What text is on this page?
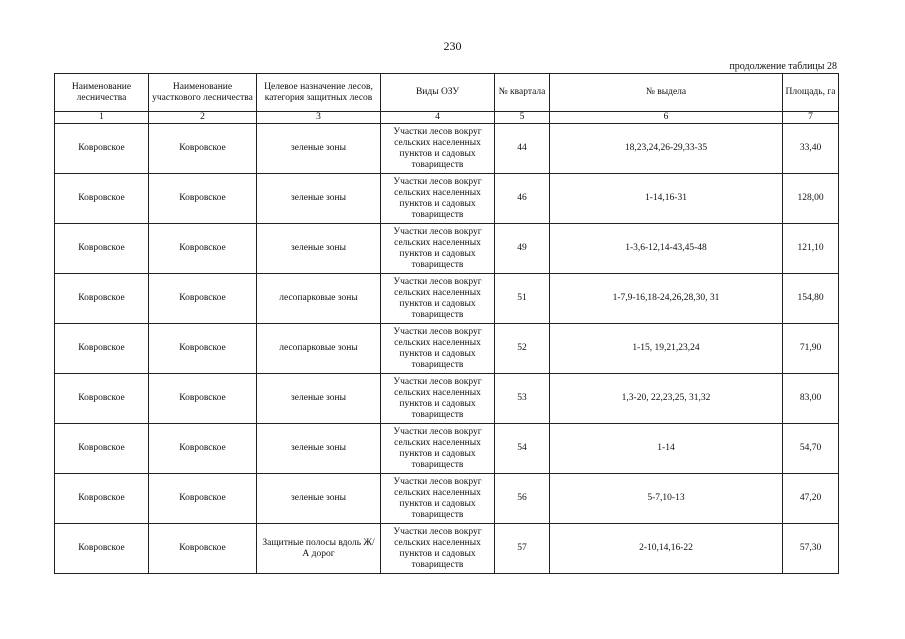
230
продолжение таблицы 28
Наименование лесничества	Наименование участкового лесничества	Целевое назначение лесов, категория защитных лесов	Виды ОЗУ	№ квартала	№ выдела	Площадь, га
1	2	3	4	5	6	7
Ковровское	Ковровское	зеленые зоны	Участки лесов вокруг сельских населенных пунктов и садовых товариществ	44	18,23,24,26-29,33-35	33,40
Ковровское	Ковровское	зеленые зоны	Участки лесов вокруг сельских населенных пунктов и садовых товариществ	46	1-14,16-31	128,00
Ковровское	Ковровское	зеленые зоны	Участки лесов вокруг сельских населенных пунктов и садовых товариществ	49	1-3,6-12,14-43,45-48	121,10
Ковровское	Ковровское	лесопарковые зоны	Участки лесов вокруг сельских населенных пунктов и садовых товариществ	51	1-7,9-16,18-24,26,28,30, 31	154,80
Ковровское	Ковровское	лесопарковые зоны	Участки лесов вокруг сельских населенных пунктов и садовых товариществ	52	1-15, 19,21,23,24	71,90
Ковровское	Ковровское	зеленые зоны	Участки лесов вокруг сельских населенных пунктов и садовых товариществ	53	1,3-20, 22,23,25, 31,32	83,00
Ковровское	Ковровское	зеленые зоны	Участки лесов вокруг сельских населенных пунктов и садовых товариществ	54	1-14	54,70
Ковровское	Ковровское	зеленые зоны	Участки лесов вокруг сельских населенных пунктов и садовых товариществ	56	5-7,10-13	47,20
Ковровское	Ковровское	Защитные полосы вдоль Ж/А дорог	Участки лесов вокруг сельских населенных пунктов и садовых товариществ	57	2-10,14,16-22	57,30
